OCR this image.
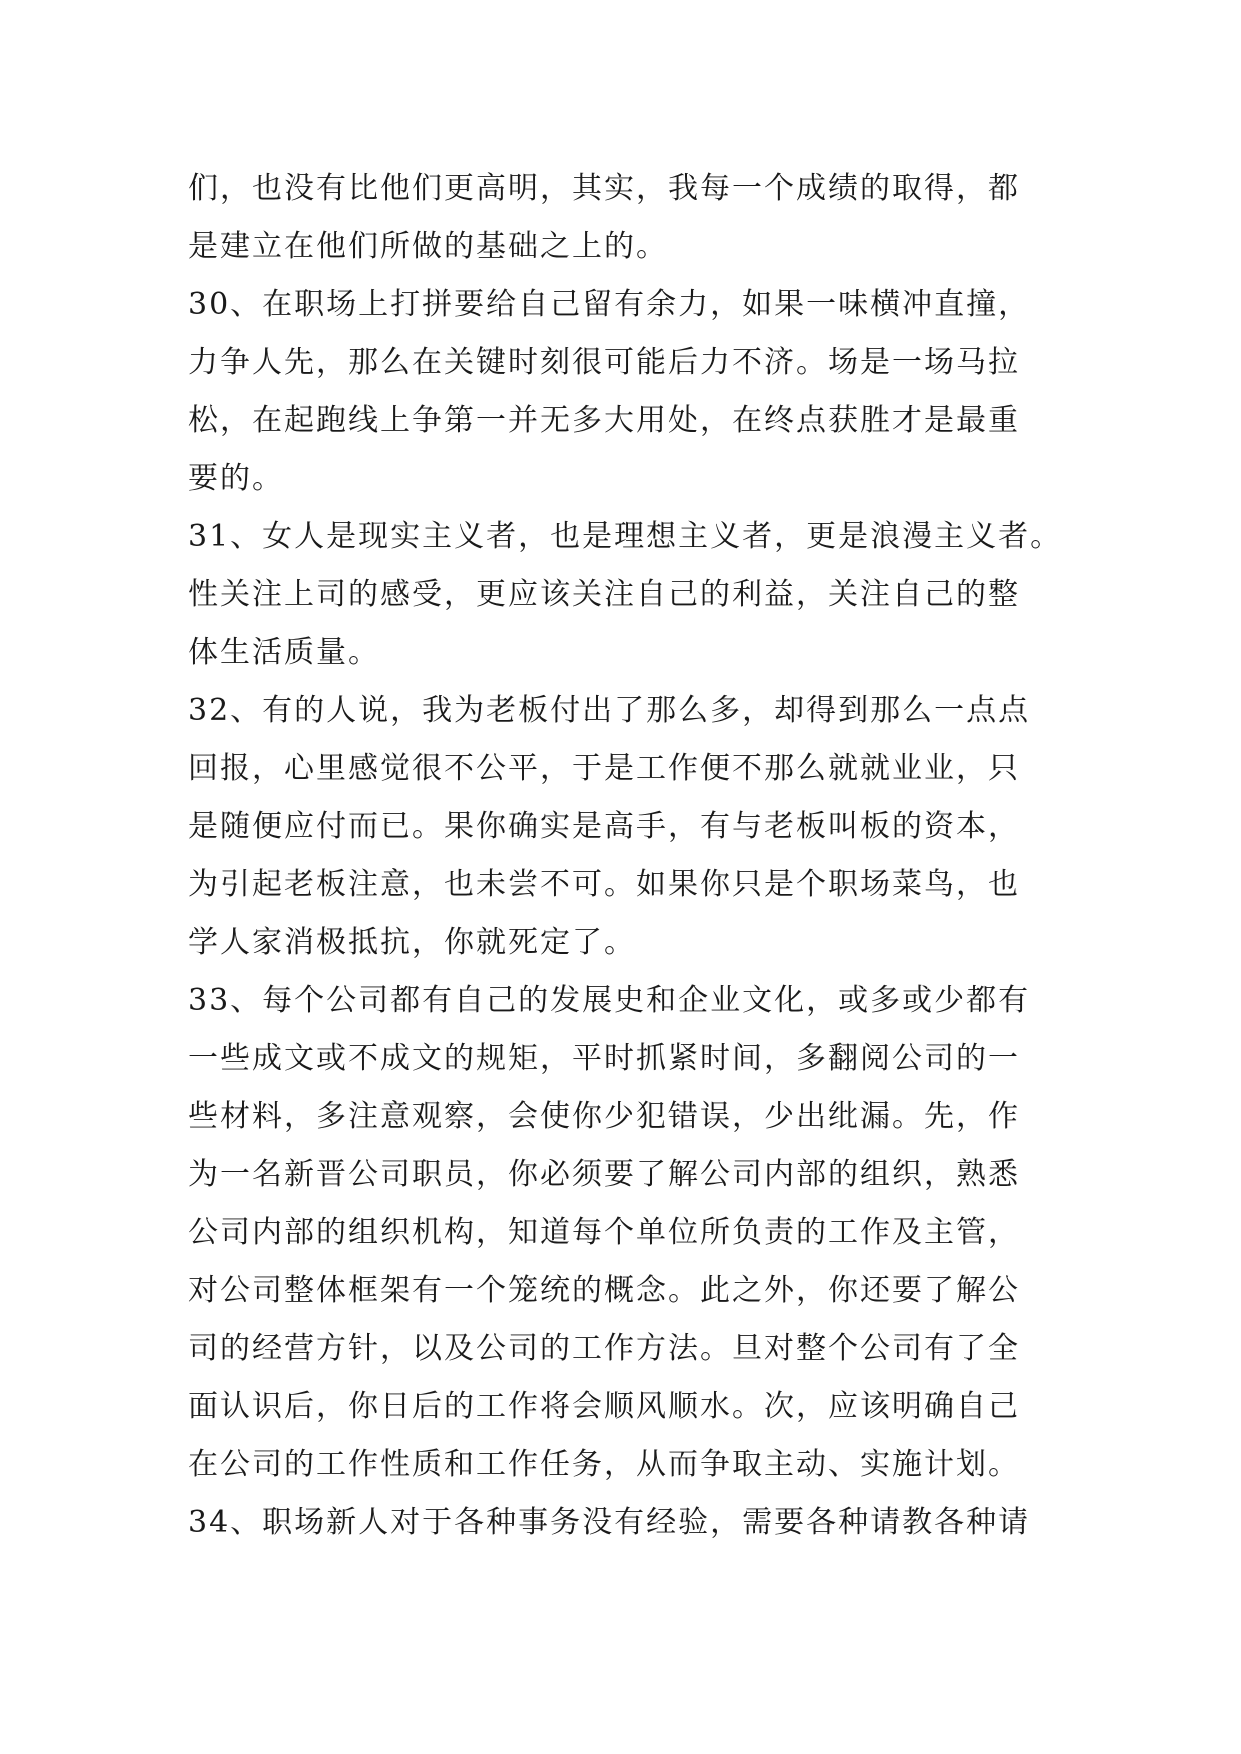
们，也没有比他们更高明，其实，我每一个成绩的取得，都
是建立在他们所做的基础之上的。
30、在职场上打拼要给自己留有余力，如果一味横冲直撞，
力争人先，那么在关键时刻很可能后力不济。场是一场马拉
松，在起跑线上争第一并无多大用处，在终点获胜才是最重
要的。
31、女人是现实主义者，也是理想主义者，更是浪漫主义者。
性关注上司的感受，更应该关注自己的利益，关注自己的整
体生活质量。
32、有的人说，我为老板付出了那么多，却得到那么一点点
回报，心里感觉很不公平，于是工作便不那么就就业业，只
是随便应付而已。果你确实是高手，有与老板叫板的资本，
为引起老板注意，也未尝不可。如果你只是个职场菜鸟，也
学人家消极抵抗，你就死定了。
33、每个公司都有自己的发展史和企业文化，或多或少都有
一些成文或不成文的规矩，平时抓紧时间，多翻阅公司的一
些材料，多注意观察，会使你少犯错误，少出纰漏。先，作
为一名新晋公司职员，你必须要了解公司内部的组织，熟悉
公司内部的组织机构，知道每个单位所负责的工作及主管，
对公司整体框架有一个笼统的概念。此之外，你还要了解公
司的经营方针，以及公司的工作方法。旦对整个公司有了全
面认识后，你日后的工作将会顺风顺水。次，应该明确自己
在公司的工作性质和工作任务，从而争取主动、实施计划。
34、职场新人对于各种事务没有经验，需要各种请教各种请
